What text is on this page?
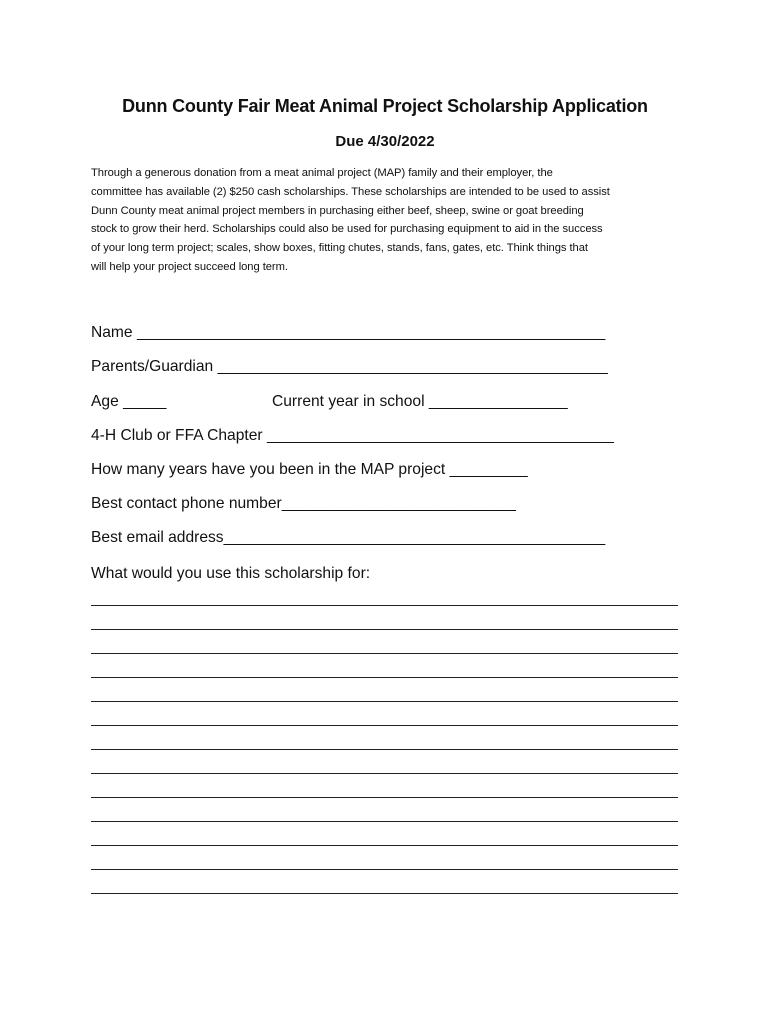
Dunn County Fair Meat Animal Project Scholarship Application
Due 4/30/2022

Through a generous donation from a meat animal project (MAP) family and their employer, the
committee has available (2) $250 cash scholarships. These scholarships are intended to be used to assist
Dunn County meat animal project members in purchasing either beef, sheep, swine or goat breeding
stock to grow their herd. Scholarships could also be used for purchasing equipment to aid in the success
of your long term project; scales, show boxes, fitting chutes, stands, fans, gates, etc. Think things that
will help your project succeed long term.

Name ______________________________________________________
Parents/Guardian _____________________________________________
Age _____	Current year in school ________________
4-H Club or FFA Chapter ________________________________________
How many years have you been in the MAP project _________
Best contact phone number___________________________
Best email address____________________________________________
What would you use this scholarship for:
